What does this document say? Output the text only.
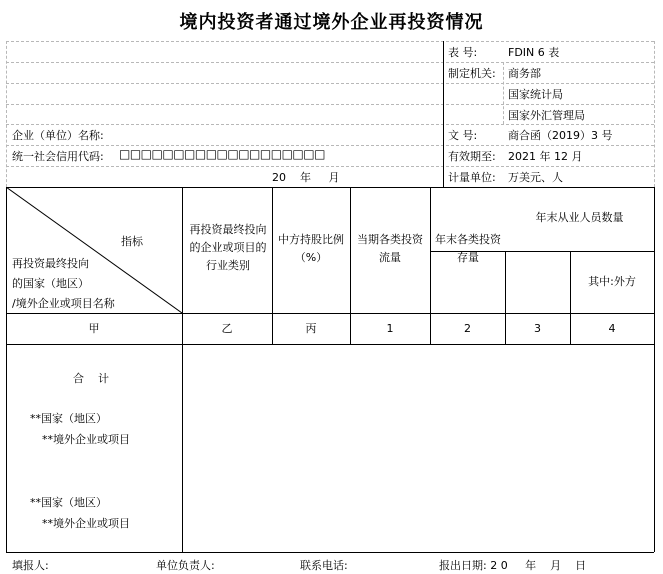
境内投资者通过境外企业再投资情况
表 号:	FDIN 6 表
制定机关: 商务部
国家统计局
国家外汇管理局
企业（单位）名称:	文 号:	商合函（2019）3 号
统一社会信用代码: □□□□□□□□□□□□□□□□□□□	有效期至: 2021 年 12 月
20    年     月	计量单位: 万美元、人
指标
再投资最终投向
的国家（地区）
/境外企业或项目名称
再投资最终投向的企业或项目的行业类别
中方持股比例（%）
当期各类投资流量
年末各类投资存量
年末从业人员数量
其中:外方
甲	乙	丙	1	2	3	4
合    计
**国家（地区）
**境外企业或项目
**国家（地区）
**境外企业或项目
填报人:	单位负责人:	联系电话:	报出日期: 2 0     年    月    日
